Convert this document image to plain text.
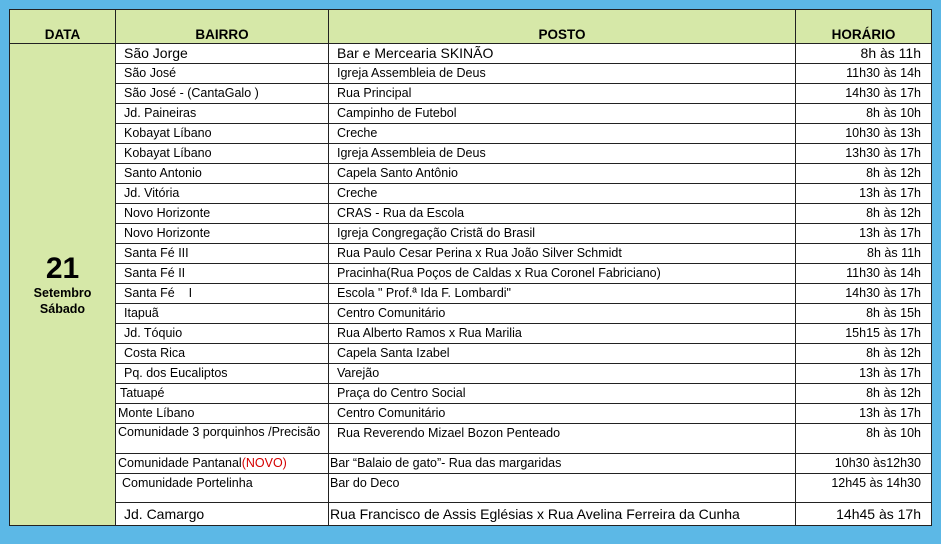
DATA	BAIRRO	POSTO	HORÁRIO

21
Setembro
Sábado	São Jorge	Bar e Mercearia SKINÃO	8h às 11h
	São José	Igreja Assembleia de Deus	11h30 às 14h
	São José - (CantaGalo )	Rua Principal	14h30 às 17h
	Jd. Paineiras	Campinho de Futebol	8h às 10h
	Kobayat Líbano	Creche	10h30 às 13h
	Kobayat Líbano	Igreja Assembleia de Deus	13h30 às 17h
	Santo Antonio	Capela Santo Antônio	8h às 12h
	Jd. Vitória	Creche	13h às 17h
	Novo Horizonte	CRAS - Rua da Escola	8h às 12h
	Novo Horizonte	Igreja Congregação Cristã do Brasil	13h às 17h
	Santa Fé III	Rua Paulo Cesar Perina x Rua João Silver Schmidt	8h às 11h
	Santa Fé II	Pracinha(Rua Poços de Caldas x Rua Coronel Fabriciano)	11h30 às 14h
	Santa Fé    I	Escola " Prof.ª Ida F. Lombardi"	14h30 às 17h
	Itapuã	Centro Comunitário	8h às 15h
	Jd. Tóquio	Rua Alberto Ramos x Rua Marilia	15h15 às 17h
	Costa Rica	Capela Santa Izabel	8h às 12h
	Pq. dos Eucaliptos	Varejão	13h às 17h
	Tatuapé	Praça do Centro Social	8h às 12h
	Monte Líbano	Centro Comunitário	13h às 17h
	Comunidade 3 porquinhos /Precisão	Rua Reverendo Mizael Bozon Penteado	8h às 10h
	Comunidade Pantanal(NOVO)	Bar “Balaio de gato”- Rua das margaridas	10h30 às12h30
	Comunidade Portelinha	Bar do Deco	12h45 às 14h30
	Jd. Camargo	Rua Francisco de Assis Eglésias x Rua Avelina Ferreira da Cunha	14h45 às 17h
